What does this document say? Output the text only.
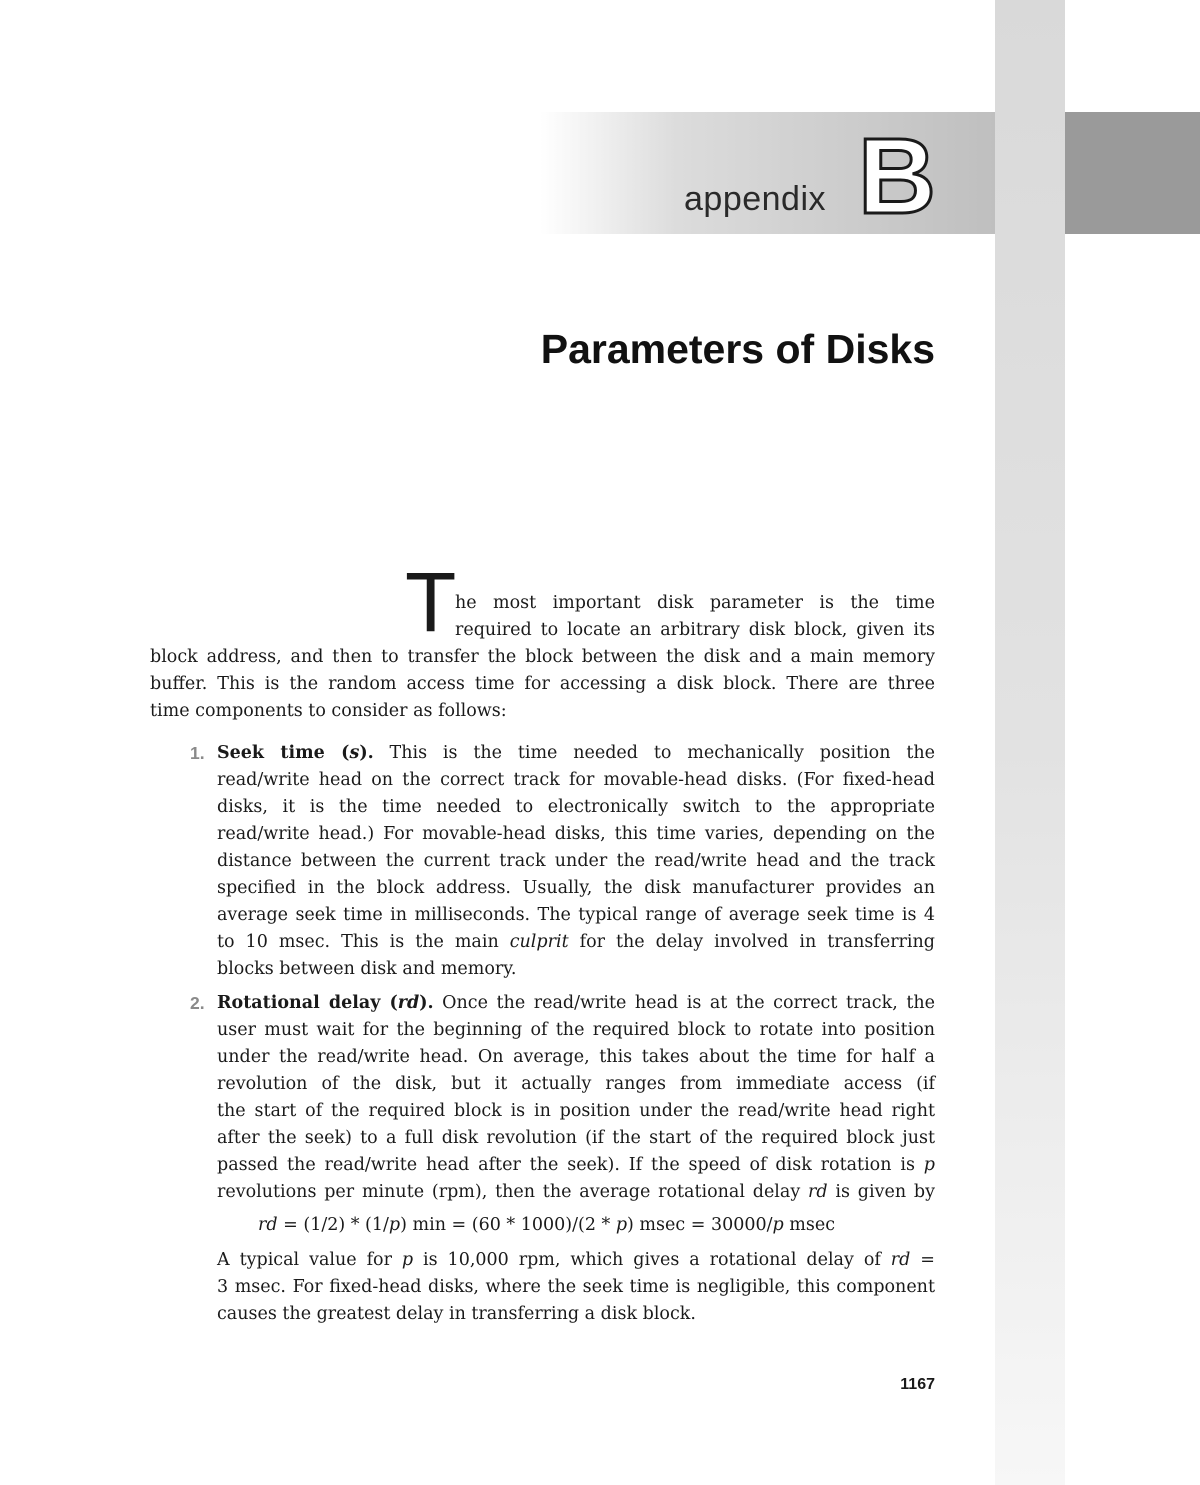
appendix B
Parameters of Disks
T
he most important disk parameter is the time
required to locate an arbitrary disk block, given its
block address, and then to transfer the block between the disk and a main memory
buffer. This is the random access time for accessing a disk block. There are three
time components to consider as follows:
1. Seek time (s). This is the time needed to mechanically position the
read/write head on the correct track for movable-head disks. (For fixed-head
disks, it is the time needed to electronically switch to the appropriate
read/write head.) For movable-head disks, this time varies, depending on the
distance between the current track under the read/write head and the track
specified in the block address. Usually, the disk manufacturer provides an
average seek time in milliseconds. The typical range of average seek time is 4
to 10 msec. This is the main culprit for the delay involved in transferring
blocks between disk and memory.
2. Rotational delay (rd). Once the read/write head is at the correct track, the
user must wait for the beginning of the required block to rotate into position
under the read/write head. On average, this takes about the time for half a
revolution of the disk, but it actually ranges from immediate access (if
the start of the required block is in position under the read/write head right
after the seek) to a full disk revolution (if the start of the required block just
passed the read/write head after the seek). If the speed of disk rotation is p
revolutions per minute (rpm), then the average rotational delay rd is given by
rd = (1/2) * (1/p) min = (60 * 1000)/(2 * p) msec = 30000/p msec
A typical value for p is 10,000 rpm, which gives a rotational delay of rd =
3 msec. For fixed-head disks, where the seek time is negligible, this component
causes the greatest delay in transferring a disk block.
1167
